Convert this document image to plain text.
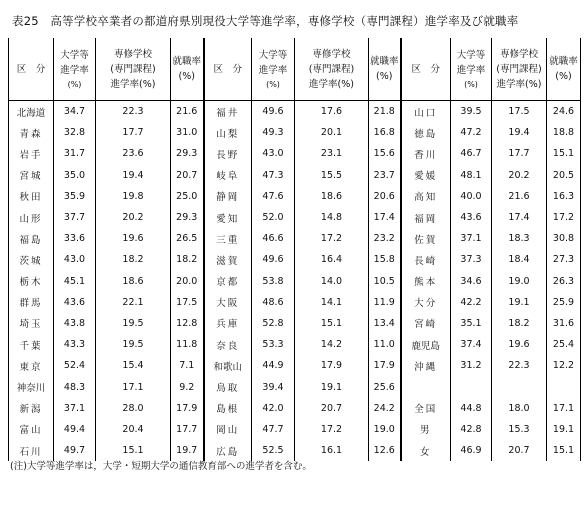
表25　高等学校卒業者の都道府県別現役大学等進学率，専修学校（専門課程）進学率及び就職率
区　分	大学等
進学率
(%)	専修学校
(専門課程)
進学率(%)	就職率
(%)	区　分	大学等
進学率
(%)	専修学校
(専門課程)
進学率(%)	就職率
(%)	区　分	大学等
進学率
(%)	専修学校
(専門課程)
進学率(%)	就職率
(%)

北海道	34.7	22.3	21.6	福井	49.6	17.6	21.8	山口	39.5	17.5	24.6
青森	32.8	17.7	31.0	山梨	49.3	20.1	16.8	徳島	47.2	19.4	18.8
岩手	31.7	23.6	29.3	長野	43.0	23.1	15.6	香川	46.7	17.7	15.1
宮城	35.0	19.4	20.7	岐阜	47.3	15.5	23.7	愛媛	48.1	20.2	20.5
秋田	35.9	19.8	25.0	静岡	47.6	18.6	20.6	高知	40.0	21.6	16.3
山形	37.7	20.2	29.3	愛知	52.0	14.8	17.4	福岡	43.6	17.4	17.2
福島	33.6	19.6	26.5	三重	46.6	17.2	23.2	佐賀	37.1	18.3	30.8
茨城	43.0	18.2	18.2	滋賀	49.6	16.4	15.8	長崎	37.3	18.4	27.3
栃木	45.1	18.6	20.0	京都	53.8	14.0	10.5	熊本	34.6	19.0	26.3
群馬	43.6	22.1	17.5	大阪	48.6	14.1	11.9	大分	42.2	19.1	25.9
埼玉	43.8	19.5	12.8	兵庫	52.8	15.1	13.4	宮崎	35.1	18.2	31.6
千葉	43.3	19.5	11.8	奈良	53.3	14.2	11.0	鹿児島	37.4	19.6	25.4
東京	52.4	15.4	7.1	和歌山	44.9	17.9	17.9	沖縄	31.2	22.3	12.2
神奈川	48.3	17.1	9.2	鳥取	39.4	19.1	25.6				
新潟	37.1	28.0	17.9	島根	42.0	20.7	24.2	全国	44.8	18.0	17.1
富山	49.4	20.4	17.7	岡山	47.7	17.2	19.0	男	42.8	15.3	19.1
石川	49.7	15.1	19.7	広島	52.5	16.1	12.6	女	46.9	20.7	15.1
(注)大学等進学率は，大学・短期大学の通信教育部への進学者を含む。
